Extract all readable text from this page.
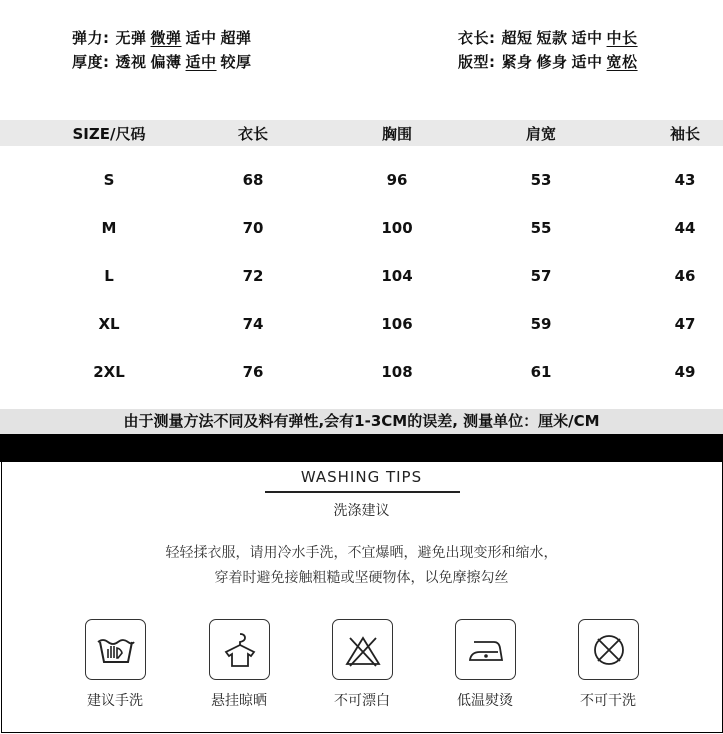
弹力: 无弹 微弹 适中 超弹
厚度: 透视 偏薄 适中 较厚
衣长: 超短 短款 适中 中长
版型: 紧身 修身 适中 宽松
SIZE/尺码	衣长	胸围	肩宽	袖长
S	68	96	53	43
M	70	100	55	44
L	72	104	57	46
XL	74	106	59	47
2XL	76	108	61	49
由于测量方法不同及料有弹性,会有1-3CM的误差, 测量单位：厘米/CM
WASHING TIPS
洗涤建议
轻轻揉衣服，请用冷水手洗，不宜爆晒，避免出现变形和缩水，
穿着时避免接触粗糙或坚硬物体，以免摩擦勾丝
建议手洗	悬挂晾晒	不可漂白	低温熨烫	不可干洗
